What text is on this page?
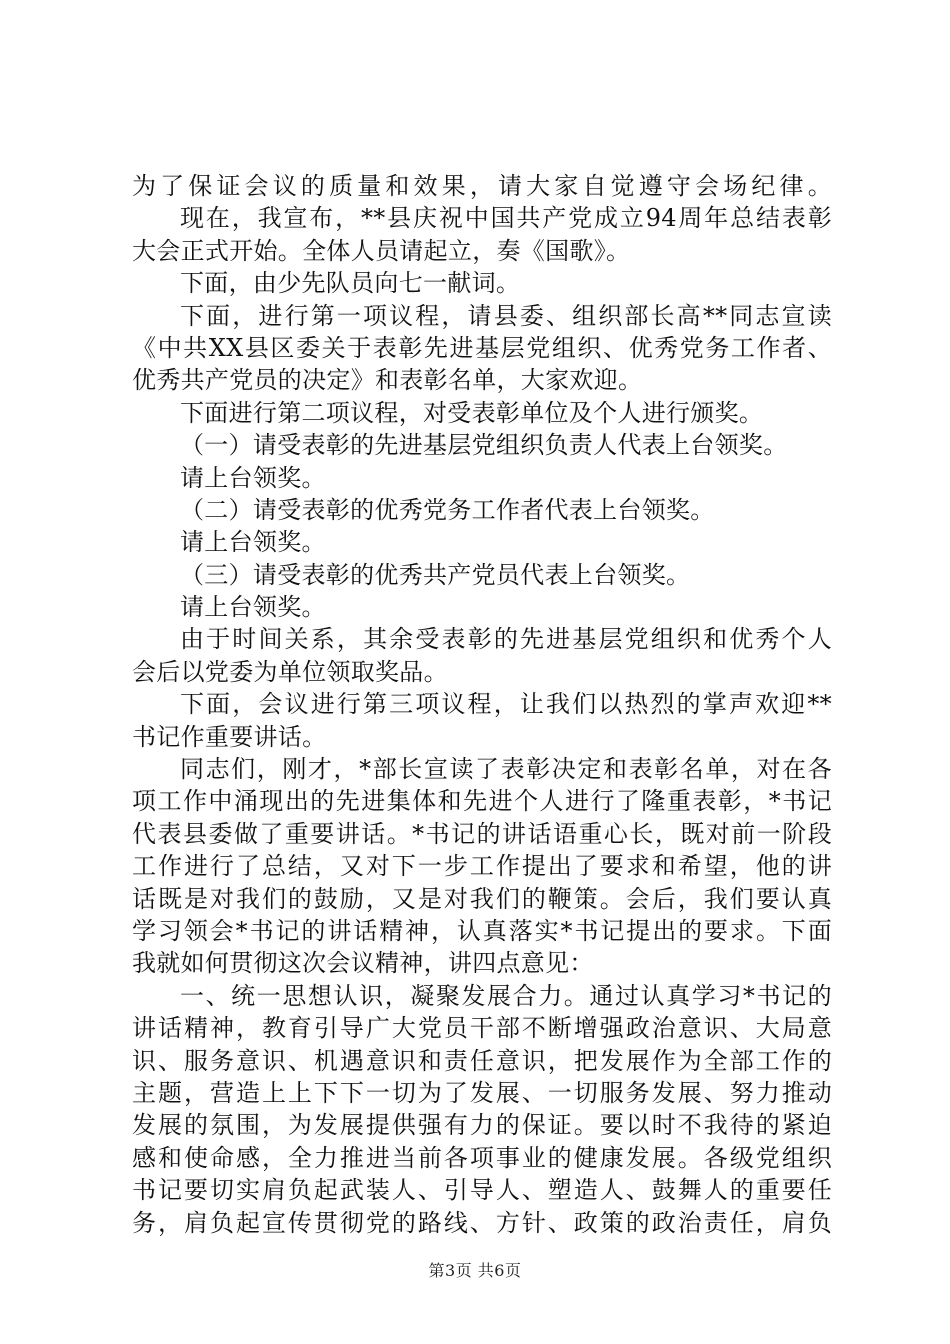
为了保证会议的质量和效果，请大家自觉遵守会场纪律。
现在，我宣布，**县庆祝中国共产党成立94周年总结表彰
大会正式开始。全体人员请起立，奏《国歌》。
下面，由少先队员向七一献词。
下面，进行第一项议程，请县委、组织部长高**同志宣读
《中共XX县区委关于表彰先进基层党组织、优秀党务工作者、
优秀共产党员的决定》和表彰名单，大家欢迎。
下面进行第二项议程，对受表彰单位及个人进行颁奖。
（一）请受表彰的先进基层党组织负责人代表上台领奖。
请上台领奖。
（二）请受表彰的优秀党务工作者代表上台领奖。
请上台领奖。
（三）请受表彰的优秀共产党员代表上台领奖。
请上台领奖。
由于时间关系，其余受表彰的先进基层党组织和优秀个人
会后以党委为单位领取奖品。
下面，会议进行第三项议程，让我们以热烈的掌声欢迎**
书记作重要讲话。
同志们，刚才，*部长宣读了表彰决定和表彰名单，对在各
项工作中涌现出的先进集体和先进个人进行了隆重表彰，*书记
代表县委做了重要讲话。*书记的讲话语重心长，既对前一阶段
工作进行了总结，又对下一步工作提出了要求和希望，他的讲
话既是对我们的鼓励，又是对我们的鞭策。会后，我们要认真
学习领会*书记的讲话精神，认真落实*书记提出的要求。下面
我就如何贯彻这次会议精神，讲四点意见：
一、统一思想认识，凝聚发展合力。通过认真学习*书记的
讲话精神，教育引导广大党员干部不断增强政治意识、大局意
识、服务意识、机遇意识和责任意识，把发展作为全部工作的
主题，营造上上下下一切为了发展、一切服务发展、努力推动
发展的氛围，为发展提供强有力的保证。要以时不我待的紧迫
感和使命感，全力推进当前各项事业的健康发展。各级党组织
书记要切实肩负起武装人、引导人、塑造人、鼓舞人的重要任
务，肩负起宣传贯彻党的路线、方针、政策的政治责任，肩负
第3页 共6页
